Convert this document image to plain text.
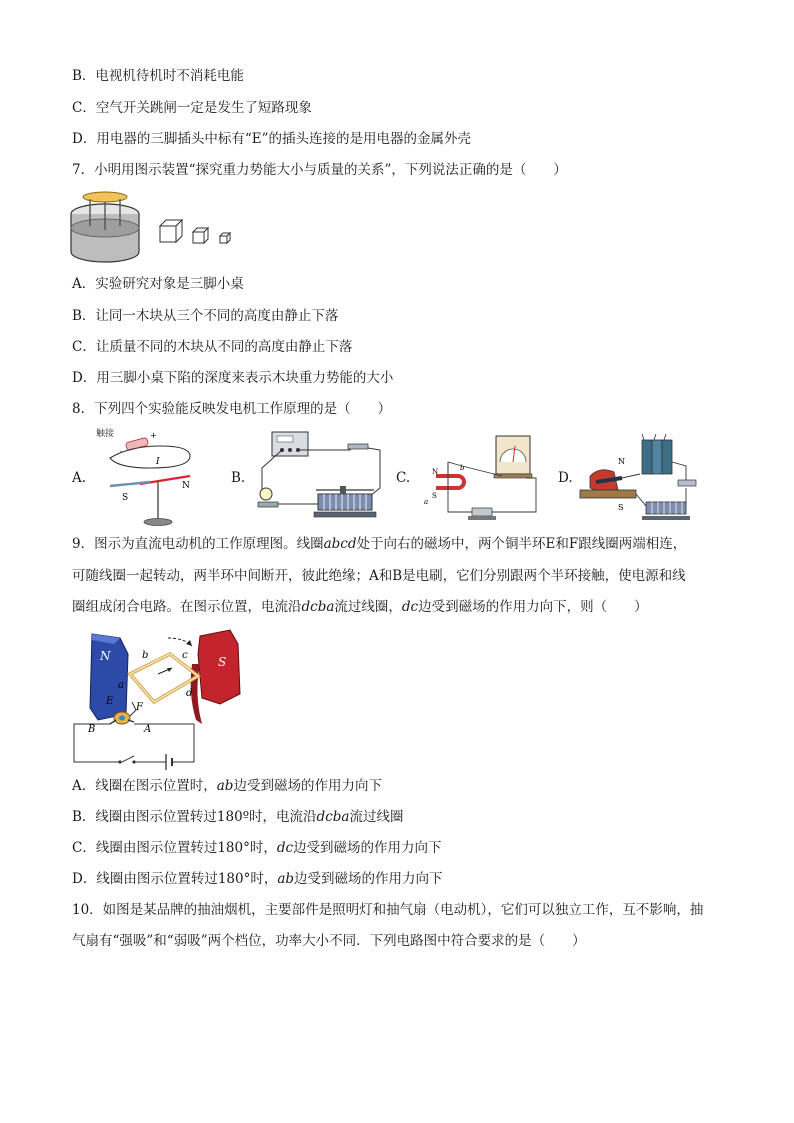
B．电视机待机时不消耗电能
C．空气开关跳闸一定是发生了短路现象
D．用电器的三脚插头中标有“E”的插头连接的是用电器的金属外壳
7．小明用图示装置“探究重力势能大小与质量的关系”，下列说法正确的是（　　）
A．实验研究对象是三脚小桌
B．让同一木块从三个不同的高度由静止下落
C．让质量不同的木块从不同的高度由静止下落
D．用三脚小桌下陷的深度来表示木块重力势能的大小
8．下列四个实验能反映发电机工作原理的是（　　）
A.
触接	+
-
I
S
N	B.	C.	N
S
b
a
D.
N
S
9．图示为直流电动机的工作原理图。线圈abcd处于向右的磁场中，两个铜半环E和F跟线圈两端相连，
可随线圈一起转动，两半环中间断开，彼此绝缘；A和B是电刷，它们分别跟两个半环接触，使电源和线
圈组成闭合电路。在图示位置，电流沿dcba流过线圈，dc边受到磁场的作用力向下，则（　　）
N	S
b	c
a
d
E
F
B	A
A．线圈在图示位置时，ab边受到磁场的作用力向下
B．线圈由图示位置转过180º时，电流沿dcba流过线圈
C．线圈由图示位置转过180°时，dc边受到磁场的作用力向下
D．线圈由图示位置转过180°时，ab边受到磁场的作用力向下
10．如图是某品牌的抽油烟机，主要部件是照明灯和抽气扇（电动机），它们可以独立工作，互不影响，抽
气扇有“强吸”和“弱吸”两个档位，功率大小不同．下列电路图中符合要求的是（　　）
